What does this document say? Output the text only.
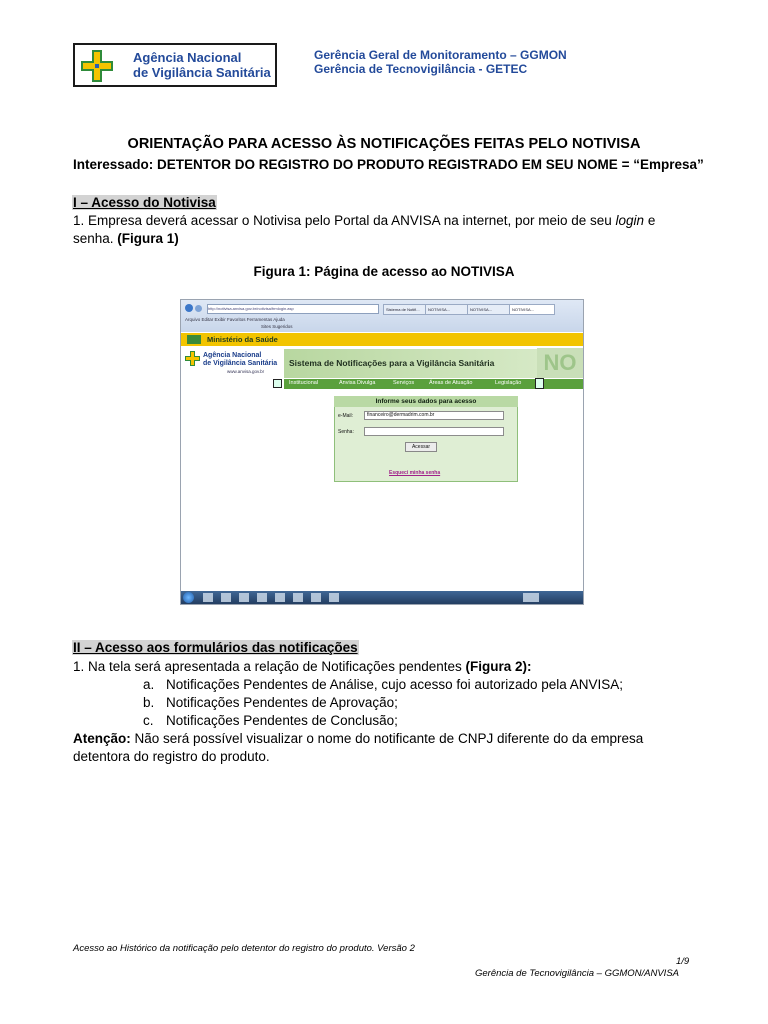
Agência Nacional
de Vigilância Sanitária
Gerência Geral de Monitoramento – GGMON
Gerência de Tecnovigilância - GETEC
ORIENTAÇÃO PARA ACESSO ÀS NOTIFICAÇÕES FEITAS PELO NOTIVISA
Interessado: DETENTOR DO REGISTRO DO PRODUTO REGISTRADO EM SEU NOME = “Empresa”
I – Acesso do Notivisa
1. Empresa deverá acessar o Notivisa pelo Portal da ANVISA na internet, por meio de seu login e
senha. (Figura 1)
Figura 1: Página de acesso ao NOTIVISA
http://notivisa.anvisa.gov.br/notivisa/frmlogin.asp	Sistema de Notifi...	NOTIVISA...	NOTIVISA...	NOTIVISA...
Arquivo Editar Exibir Favoritos Ferramentas Ajuda
Sites Sugeridos
Ministério da Saúde
Agência Nacional
de Vigilância Sanitária
www.anvisa.gov.br
Sistema de Notificações para a Vigilância Sanitária NO
Institucional	Anvisa Divulga	Serviços	Áreas de Atuação	Legislação
Informe seus dados para acesso
e-Mail:	financeiro@dermadrim.com.br
Senha:
Acessar
Esqueci minha senha
II – Acesso aos formulários das notificações
1. Na tela será apresentada a relação de Notificações pendentes (Figura 2):
a. Notificações Pendentes de Análise, cujo acesso foi autorizado pela ANVISA;
b. Notificações Pendentes de Aprovação;
c. Notificações Pendentes de Conclusão;
Atenção: Não será possível visualizar o nome do notificante de CNPJ diferente do da empresa
detentora do registro do produto.
Acesso ao Histórico da notificação pelo detentor do registro do produto. Versão 2
1/9
Gerência de Tecnovigilância – GGMON/ANVISA
